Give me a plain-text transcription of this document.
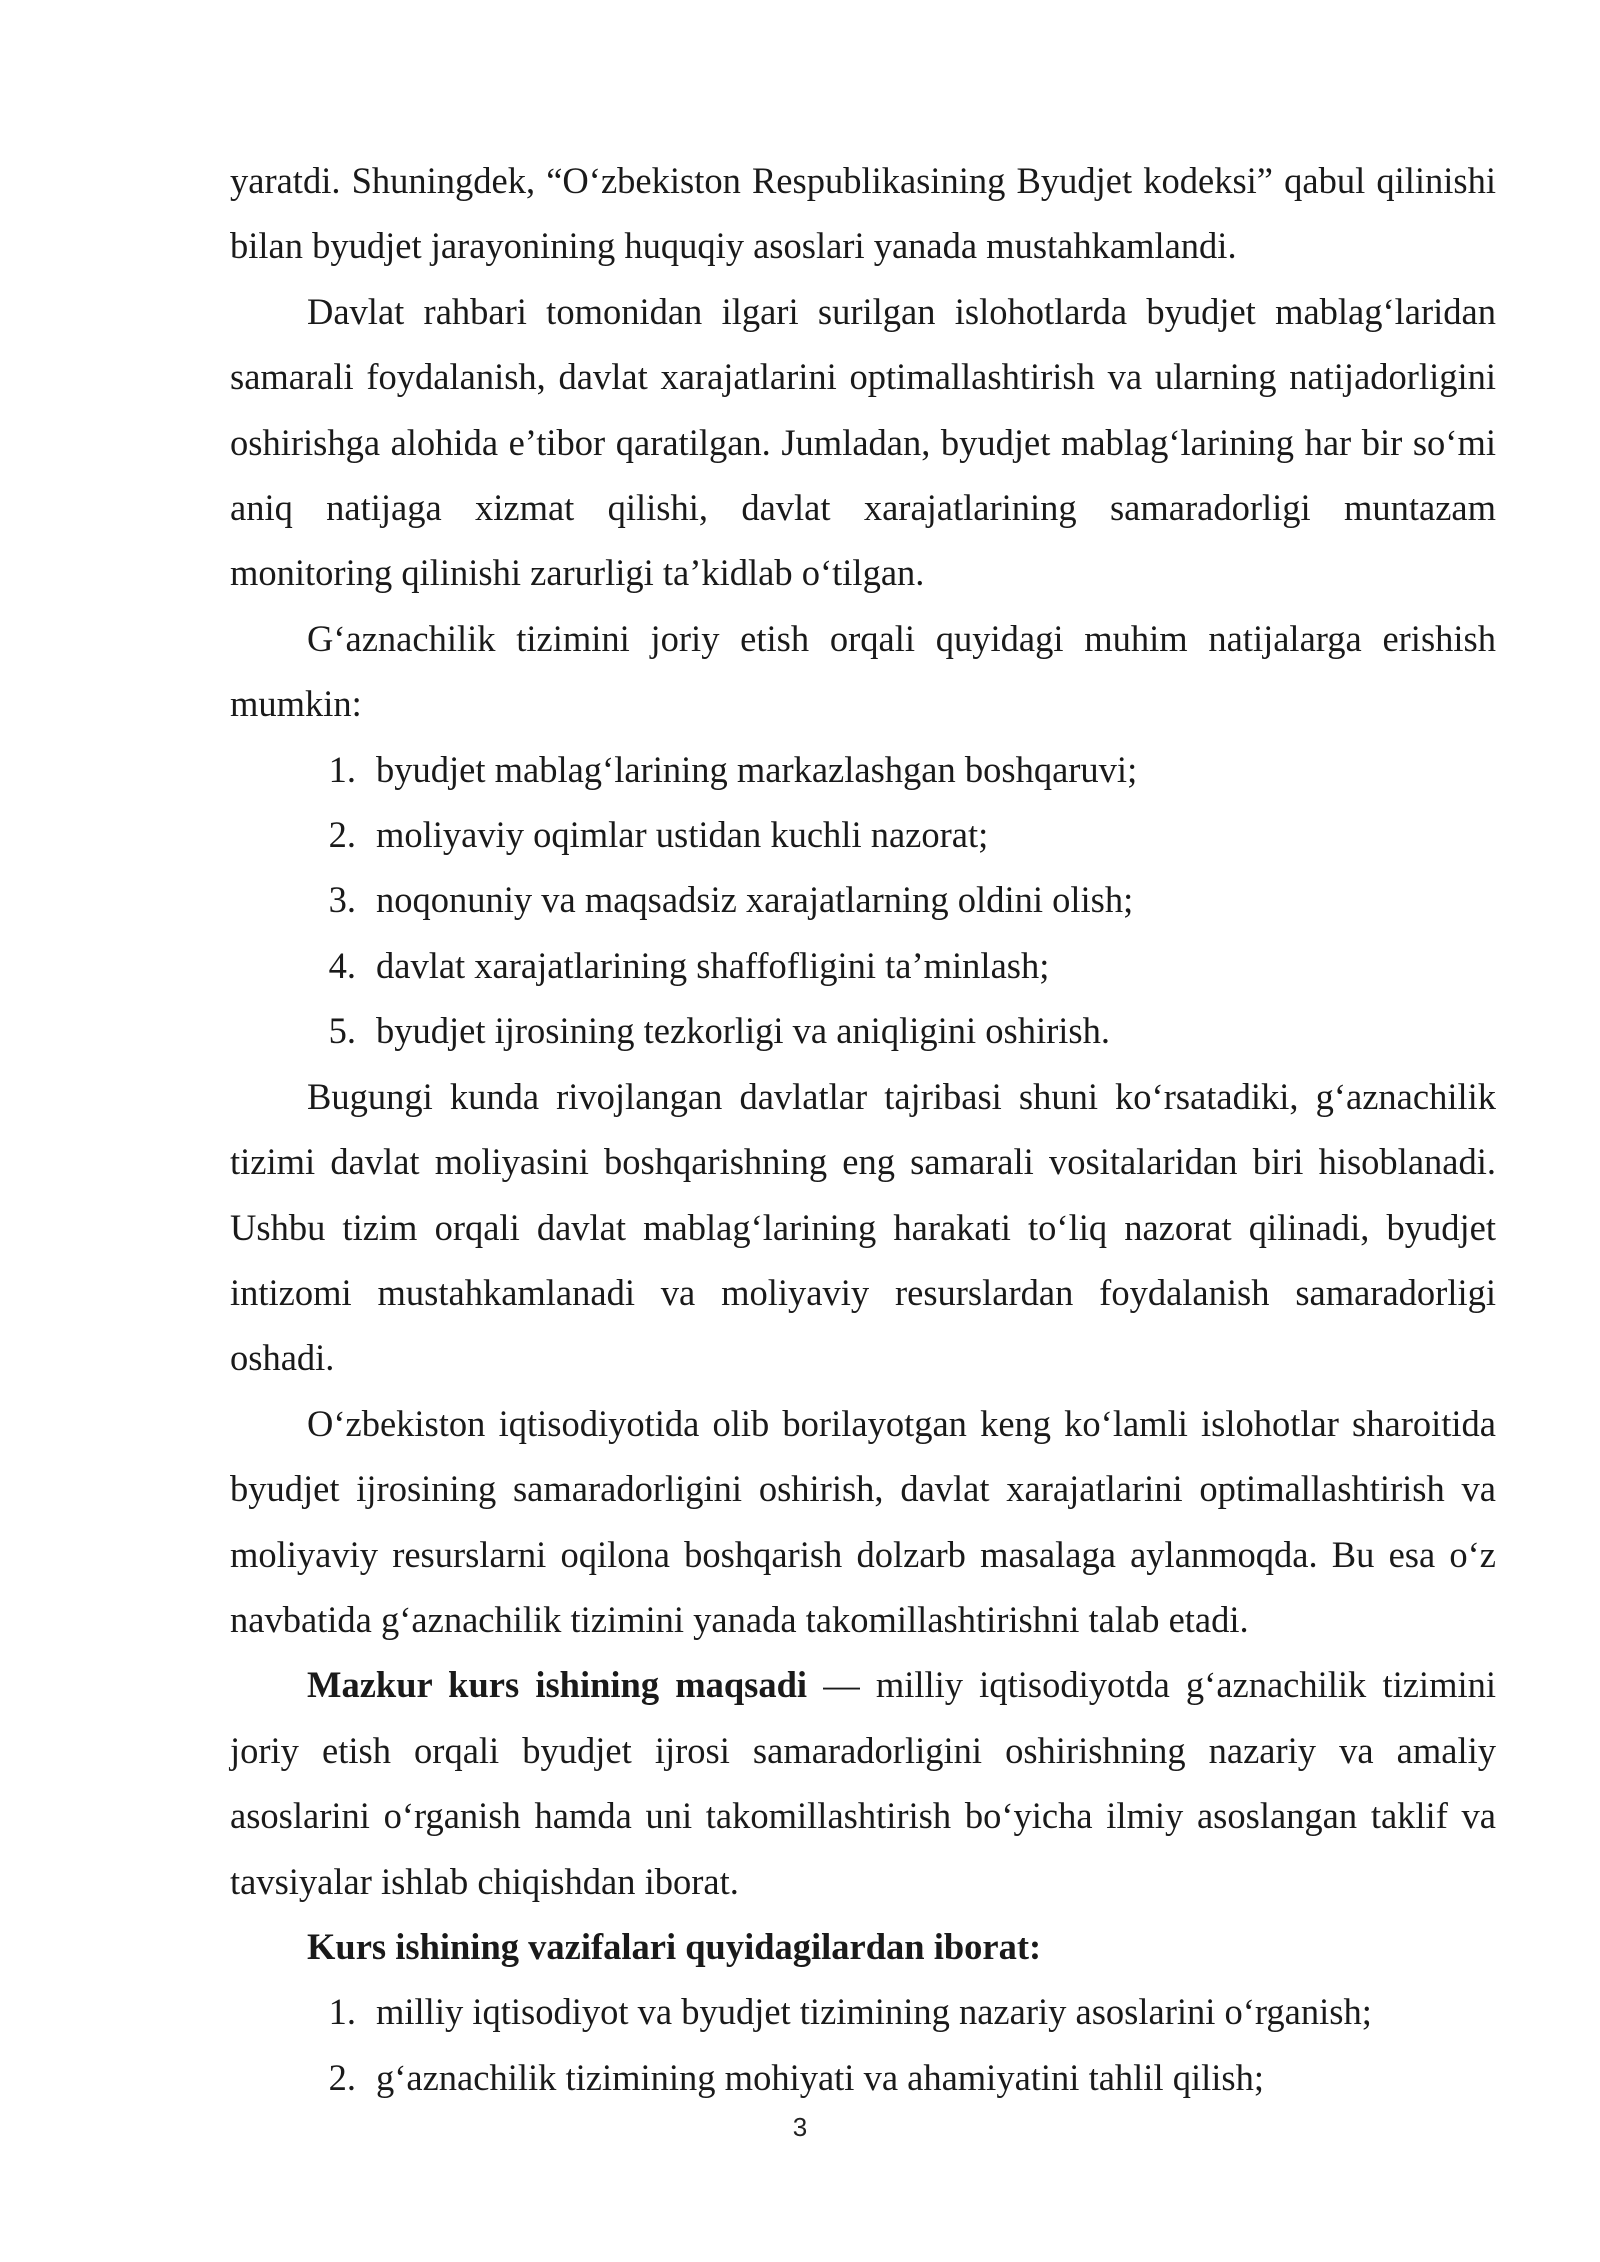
yaratdi. Shuningdek, “O‘zbekiston Respublikasining Byudjet kodeksi” qabul qilinishi bilan byudjet jarayonining huquqiy asoslari yanada mustahkamlandi.

Davlat rahbari tomonidan ilgari surilgan islohotlarda byudjet mablag‘laridan samarali foydalanish, davlat xarajatlarini optimallashtirish va ularning natijadorligini oshirishga alohida e’tibor qaratilgan. Jumladan, byudjet mablag‘larining har bir so‘mi aniq natijaga xizmat qilishi, davlat xarajatlarining samaradorligi muntazam monitoring qilinishi zarurligi ta’kidlab o‘tilgan.

G‘aznachilik tizimini joriy etish orqali quyidagi muhim natijalarga erishish mumkin:

1. byudjet mablag‘larining markazlashgan boshqaruvi;
2. moliyaviy oqimlar ustidan kuchli nazorat;
3. noqonuniy va maqsadsiz xarajatlarning oldini olish;
4. davlat xarajatlarining shaffofligini ta’minlash;
5. byudjet ijrosining tezkorligi va aniqligini oshirish.

Bugungi kunda rivojlangan davlatlar tajribasi shuni ko‘rsatadiki, g‘aznachilik tizimi davlat moliyasini boshqarishning eng samarali vositalaridan biri hisoblanadi. Ushbu tizim orqali davlat mablag‘larining harakati to‘liq nazorat qilinadi, byudjet intizomi mustahkamlanadi va moliyaviy resurslardan foydalanish samaradorligi oshadi.

O‘zbekiston iqtisodiyotida olib borilayotgan keng ko‘lamli islohotlar sharoitida byudjet ijrosining samaradorligini oshirish, davlat xarajatlarini optimallashtirish va moliyaviy resurslarni oqilona boshqarish dolzarb masalaga aylanmoqda. Bu esa o‘z navbatida g‘aznachilik tizimini yanada takomillashtirishni talab etadi.

Mazkur kurs ishining maqsadi — milliy iqtisodiyotda g‘aznachilik tizimini joriy etish orqali byudjet ijrosi samaradorligini oshirishning nazariy va amaliy asoslarini o‘rganish hamda uni takomillashtirish bo‘yicha ilmiy asoslangan taklif va tavsiyalar ishlab chiqishdan iborat.

Kurs ishining vazifalari quyidagilardan iborat:

1. milliy iqtisodiyot va byudjet tizimining nazariy asoslarini o‘rganish;
2. g‘aznachilik tizimining mohiyati va ahamiyatini tahlil qilish;
3
